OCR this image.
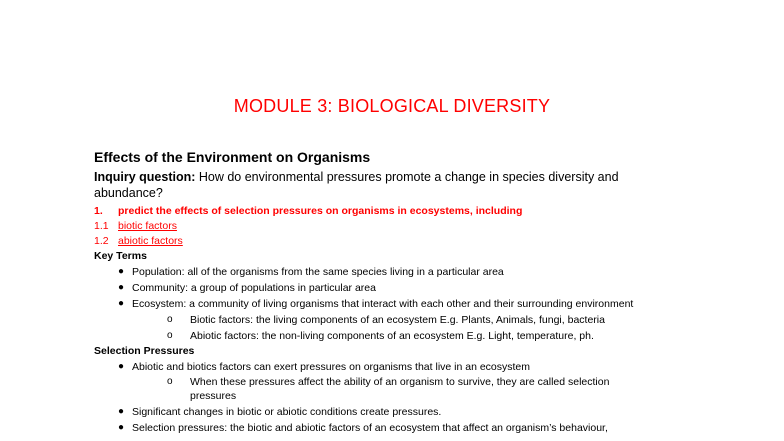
MODULE 3: BIOLOGICAL DIVERSITY
Effects of the Environment on Organisms
Inquiry question: How do environmental pressures promote a change in species diversity and abundance?
1. predict the effects of selection pressures on organisms in ecosystems, including
1.1 biotic factors
1.2 abiotic factors
Key Terms
● Population: all of the organisms from the same species living in a particular area
● Community: a group of populations in particular area
● Ecosystem: a community of living organisms that interact with each other and their surrounding environment
o Biotic factors: the living components of an ecosystem E.g. Plants, Animals, fungi, bacteria
o Abiotic factors: the non-living components of an ecosystem E.g. Light, temperature, ph.
Selection Pressures
● Abiotic and biotics factors can exert pressures on organisms that live in an ecosystem
o When these pressures affect the ability of an organism to survive, they are called selection
pressures
● Significant changes in biotic or abiotic conditions create pressures.
● Selection pressures: the biotic and abiotic factors of an ecosystem that affect an organism’s behaviour,
